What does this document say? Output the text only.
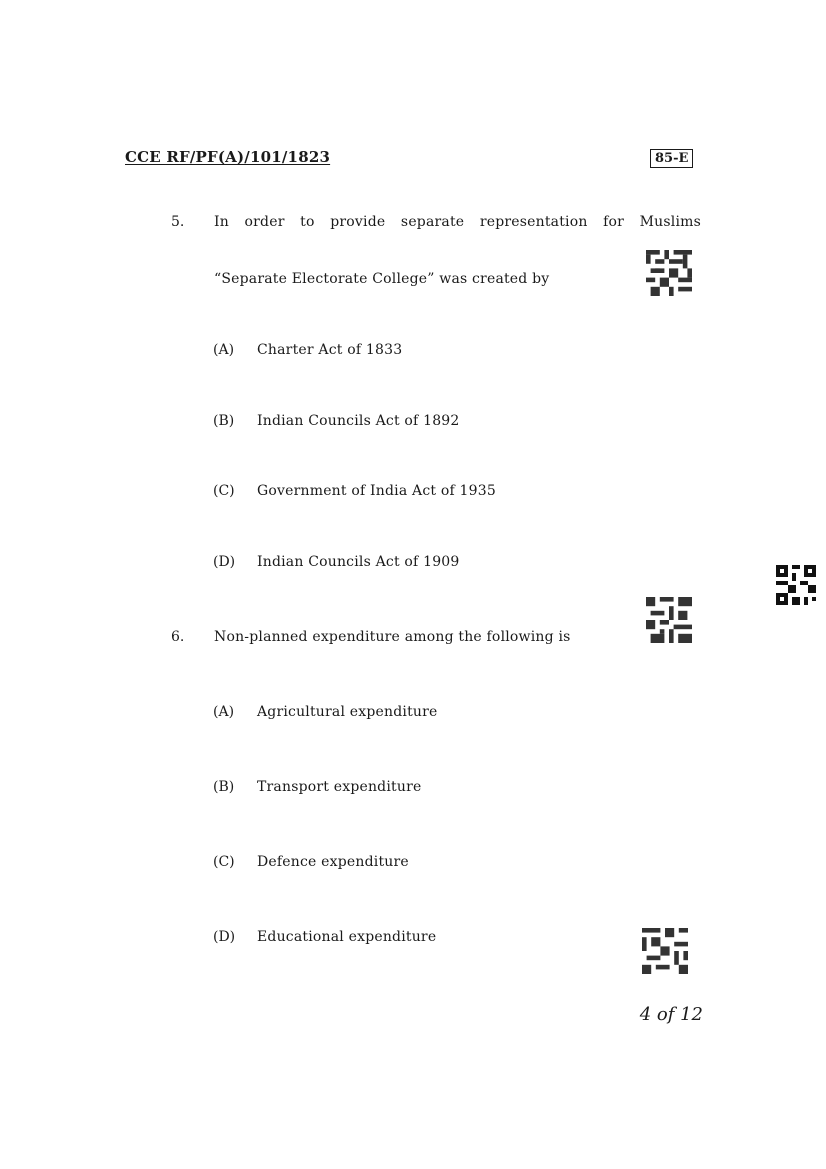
CCE RF/PF(A)/101/1823	85-E
5. In order to provide separate representation for Muslims
“Separate Electorate College” was created by
(A) Charter Act of 1833
(B) Indian Councils Act of 1892
(C) Government of India Act of 1935
(D) Indian Councils Act of 1909
6. Non-planned expenditure among the following is
(A) Agricultural expenditure
(B) Transport expenditure
(C) Defence expenditure
(D) Educational expenditure
4 of 12
